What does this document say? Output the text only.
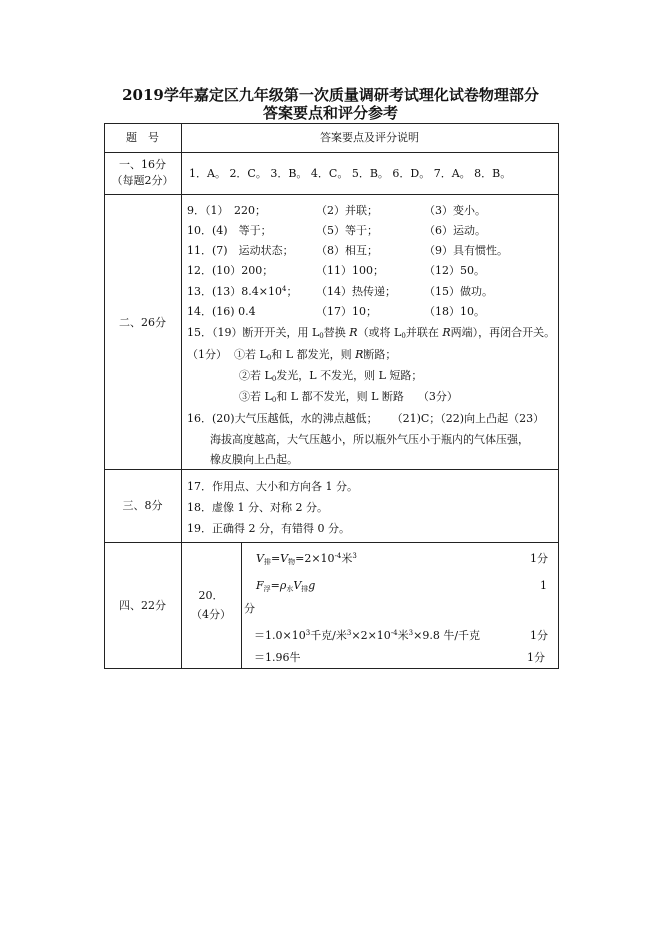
2019学年嘉定区九年级第一次质量调研考试理化试卷物理部分
答案要点和评分参考
题　号	答案要点及评分说明
一、16分
（每题2分）
1．A。 2．C。 3．B。 4．C。 5．B。 6．D。 7．A。 8．B。
二、26分
9．（1）　220；	（2）并联；	（3）变小。
10．(4)　等于；	（5）等于；	（6）运动。
11．(7)　运动状态； （8）相互；	（9）具有惯性。
12．(10）200；	（11）100；	（12）50。
13．$(13)8.4\times 10^4$； （14）热传递；	（15）做功。
14．(16) 0.4	（17）10；	（18）10。
15．（19）断开开关，用 $L_0$替换 R（或将 $L_0$并联在 R两端），再闭合开关。
（1分） ①若 $L_0$和 L 都发光，则 R断路；
②若 $L_0$发光，L 不发光，则 L 短路；
③若 $L_0$和 L 都不发光，则 L 断路 （3分）
16．(20)大气压越低，水的沸点越低； （21)C；（22)向上凸起（23）
海拔高度越高，大气压越小，所以瓶外气压小于瓶内的气体压强，
橡皮膜向上凸起。
三、8分
17．作用点、大小和方向各 1 分。
18．虚像 1 分、对称 2 分。
19．正确得 2 分，有错得 0 分。
四、22分
20．
（4分）
$V_排=V_物=2\times 10^{-4}$米$^3$	1分
$F_浮=\rho_水V_排g$	1
分
$=1.0\times 10^3$千克/米$^3\times 2\times 10^{-4}$米$^3$×9.8 牛/千克	1分
＝1.96牛	1分
